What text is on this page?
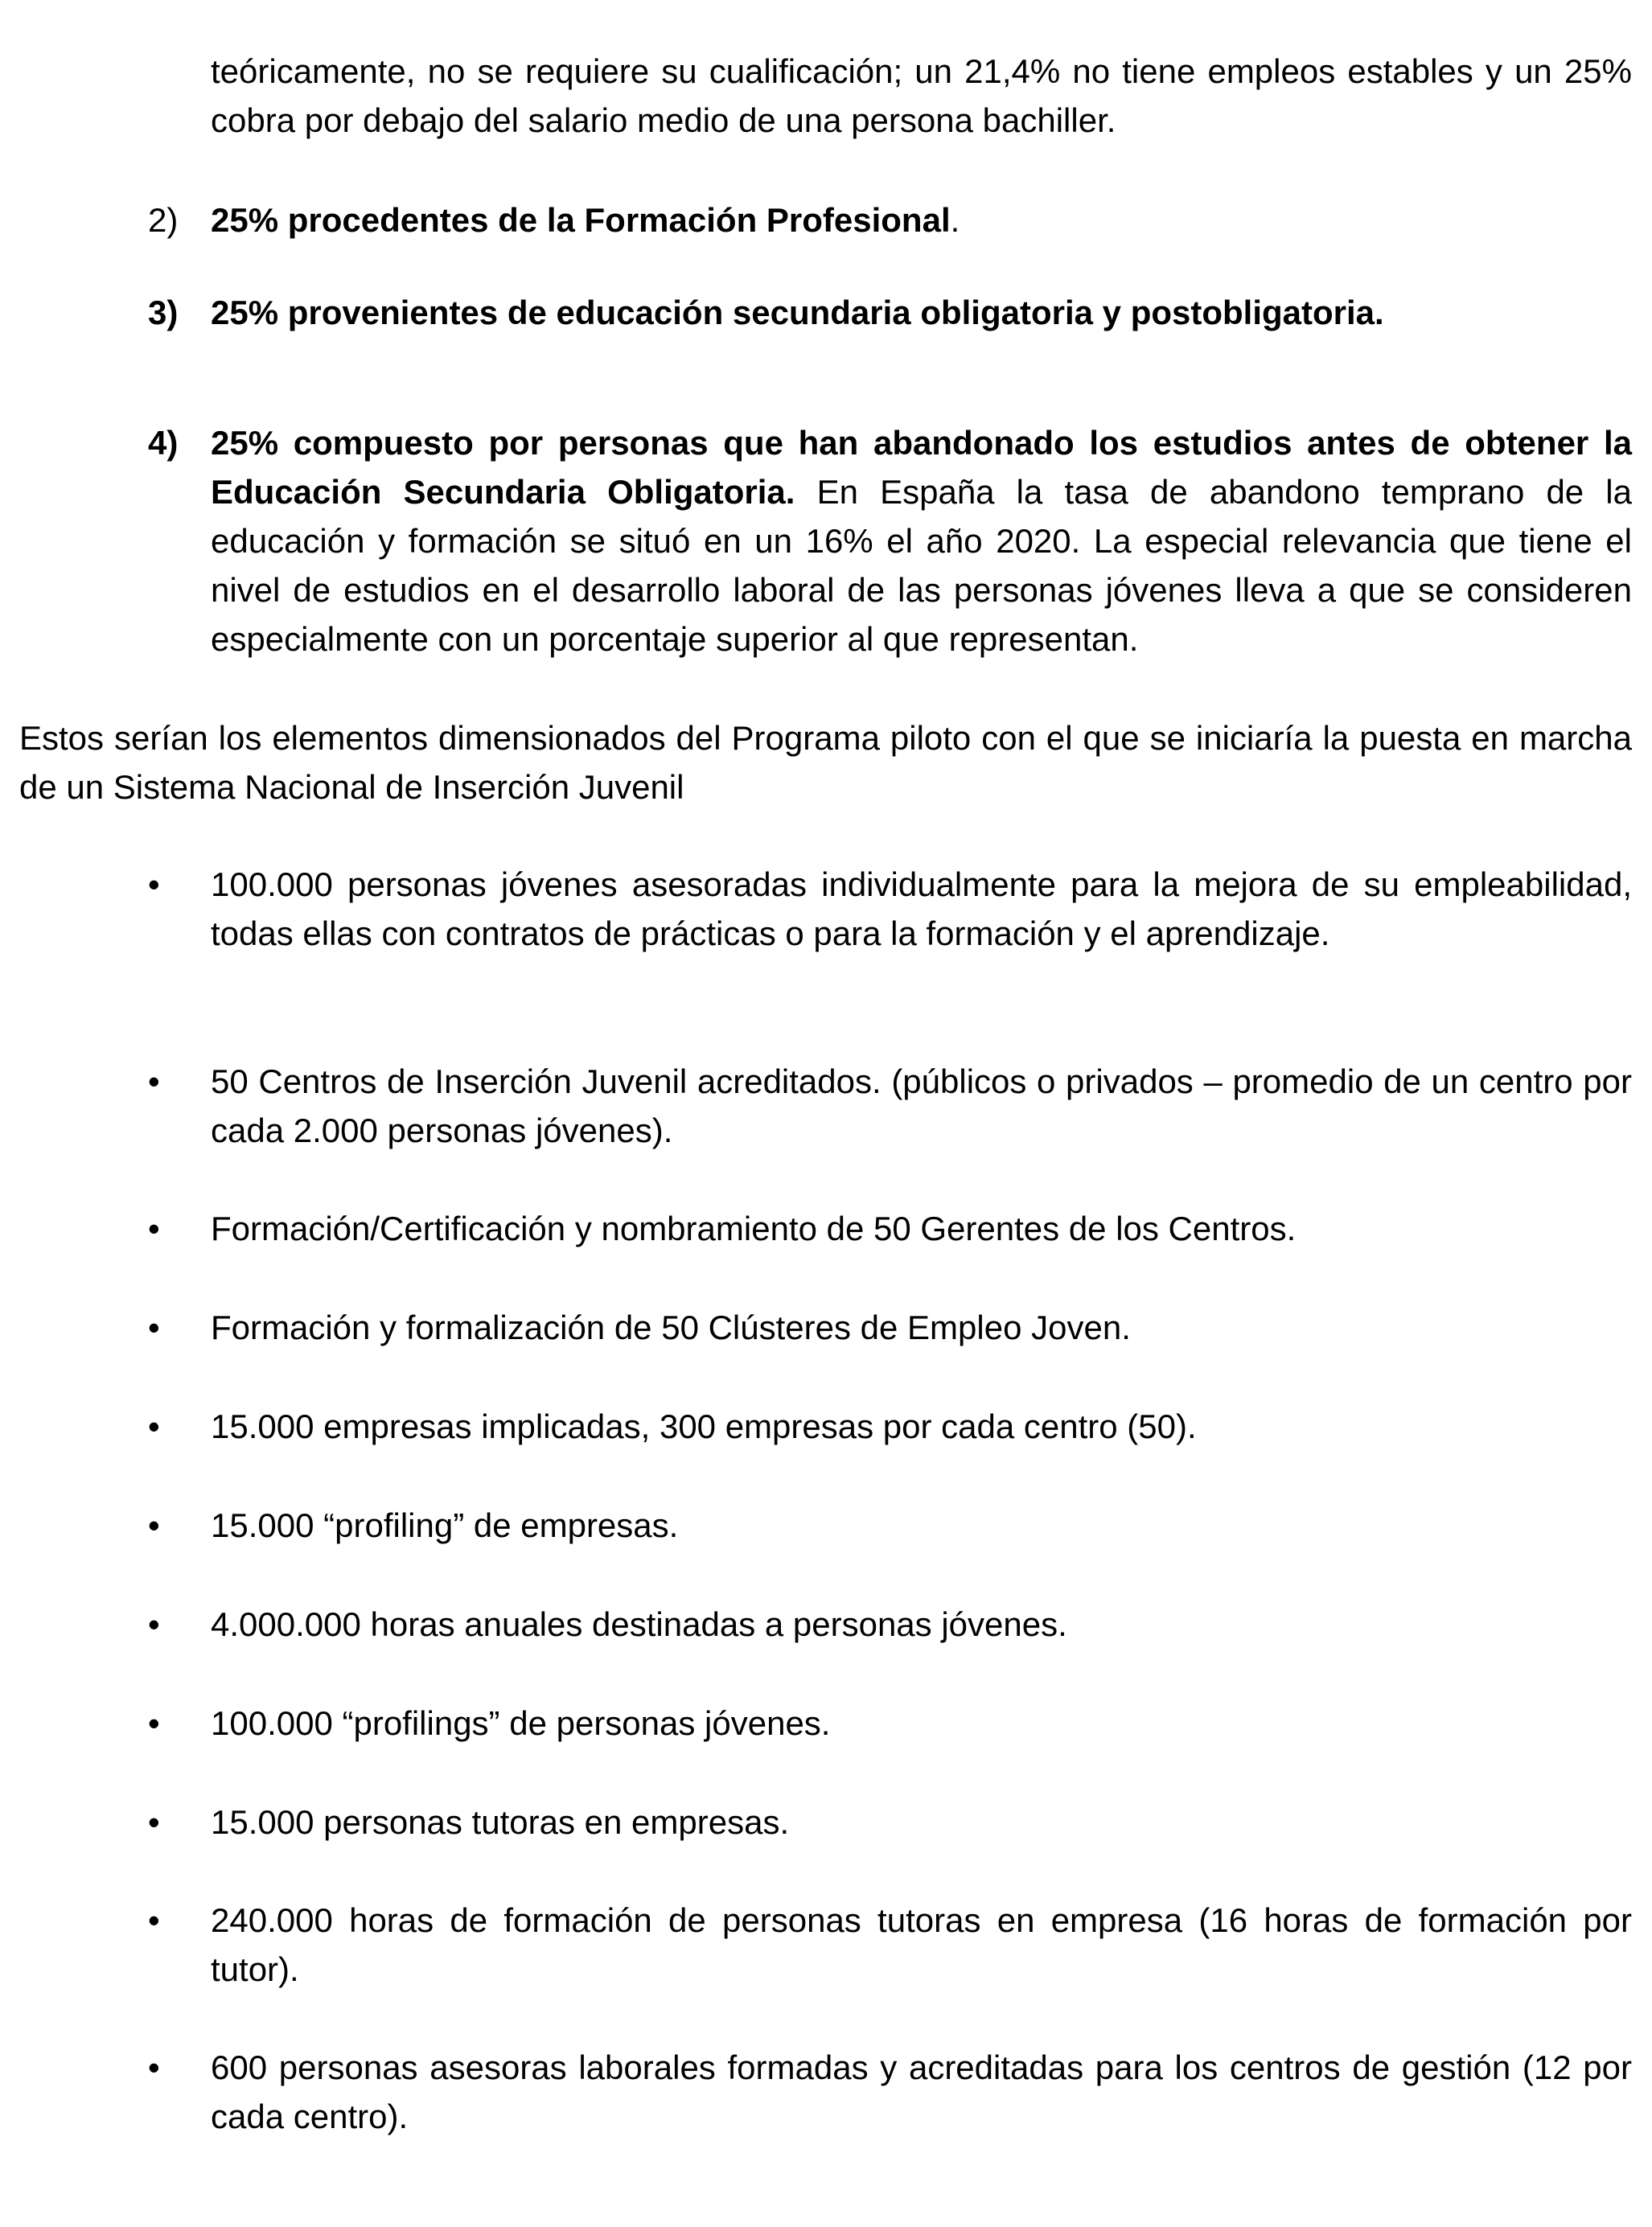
teóricamente, no se requiere su cualificación; un 21,4% no tiene empleos estables y un 25% cobra por debajo del salario medio de una persona bachiller.
2) 25% procedentes de la Formación Profesional.
3) 25% provenientes de educación secundaria obligatoria y postobligatoria.
4) 25% compuesto por personas que han abandonado los estudios antes de obtener la Educación Secundaria Obligatoria. En España la tasa de abandono temprano de la educación y formación se situó en un 16% el año 2020. La especial relevancia que tiene el nivel de estudios en el desarrollo laboral de las personas jóvenes lleva a que se consideren especialmente con un porcentaje superior al que representan.
Estos serían los elementos dimensionados del Programa piloto con el que se iniciaría la puesta en marcha de un Sistema Nacional de Inserción Juvenil
•	100.000 personas jóvenes asesoradas individualmente para la mejora de su empleabilidad, todas ellas con contratos de prácticas o para la formación y el aprendizaje.
•	50 Centros de Inserción Juvenil acreditados. (públicos o privados – promedio de un centro por cada 2.000 personas jóvenes).
•	Formación/Certificación y nombramiento de 50 Gerentes de los Centros.
•	Formación y formalización de 50 Clústeres de Empleo Joven.
•	15.000 empresas implicadas, 300 empresas por cada centro (50).
•	15.000 “profiling” de empresas.
•	4.000.000 horas anuales destinadas a personas jóvenes.
•	100.000 “profilings” de personas jóvenes.
•	15.000 personas tutoras en empresas.
•	240.000 horas de formación de personas tutoras en empresa (16 horas de formación por tutor).
•	600 personas asesoras laborales formadas y acreditadas para los centros de gestión (12 por cada centro).
